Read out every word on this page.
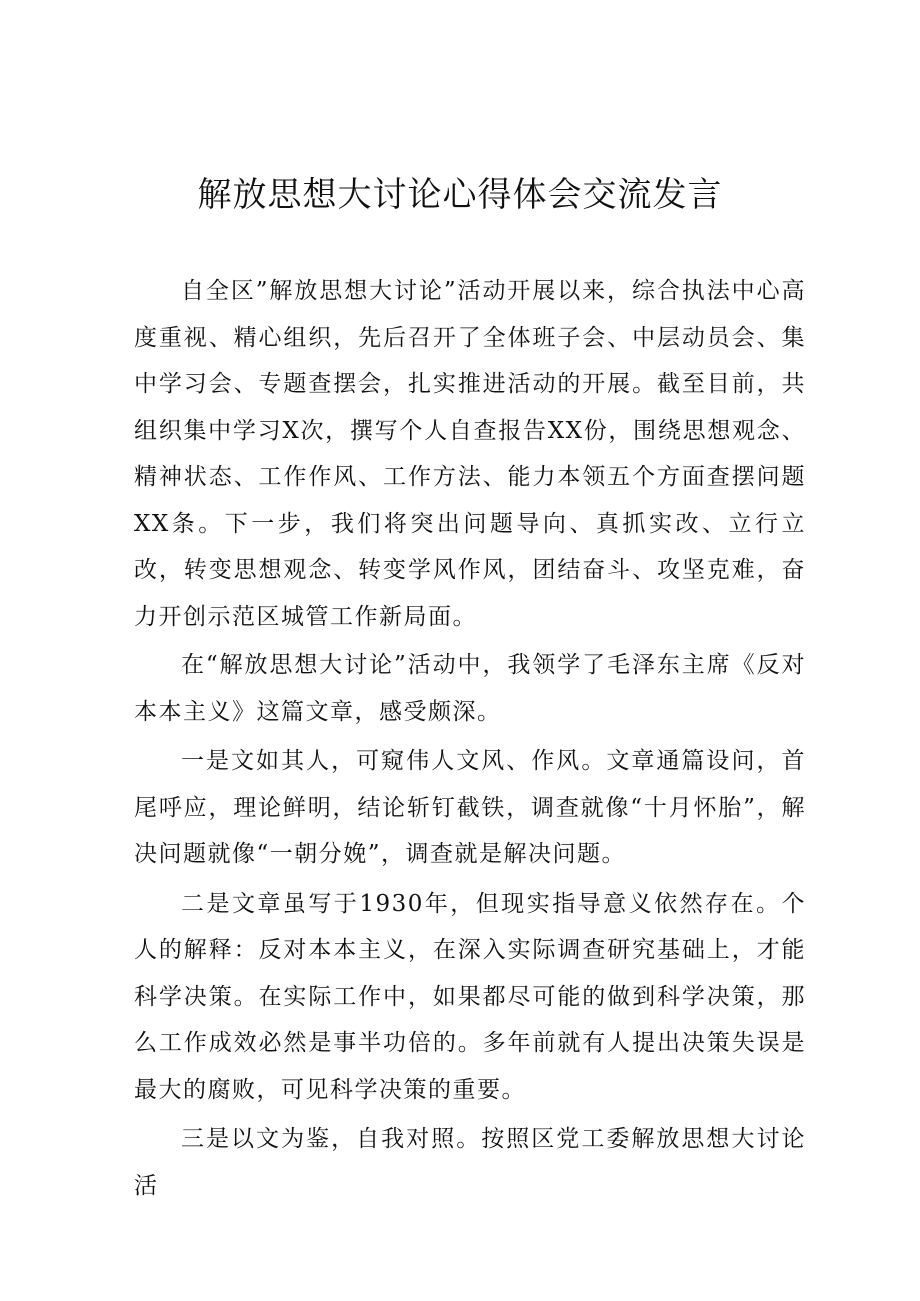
解放思想大讨论心得体会交流发言

自全区”解放思想大讨论”活动开展以来，综合执法中心高度重视、精心组织，先后召开了全体班子会、中层动员会、集中学习会、专题查摆会，扎实推进活动的开展。截至目前，共组织集中学习X次，撰写个人自查报告XX份，围绕思想观念、精神状态、工作作风、工作方法、能力本领五个方面查摆问题XX条。下一步，我们将突出问题导向、真抓实改、立行立改，转变思想观念、转变学风作风，团结奋斗、攻坚克难，奋力开创示范区城管工作新局面。

在“解放思想大讨论”活动中，我领学了毛泽东主席《反对 本本主义》这篇文章，感受颇深。

一是文如其人，可窥伟人文风、作风。文章通篇设问，首尾呼应，理论鲜明，结论斩钉截铁，调查就像“十月怀胎”，解决问题就像“一朝分娩”，调查就是解决问题。

二是文章虽写于1930年，但现实指导意义依然存在。个人的解释：反对本本主义，在深入实际调查研究基础上，才能科学决策。在实际工作中，如果都尽可能的做到科学决策，那么工作成效必然是事半功倍的。多年前就有人提出决策失误是最大的腐败，可见科学决策的重要。

三是以文为鉴，自我对照。按照区党工委解放思想大讨论活
